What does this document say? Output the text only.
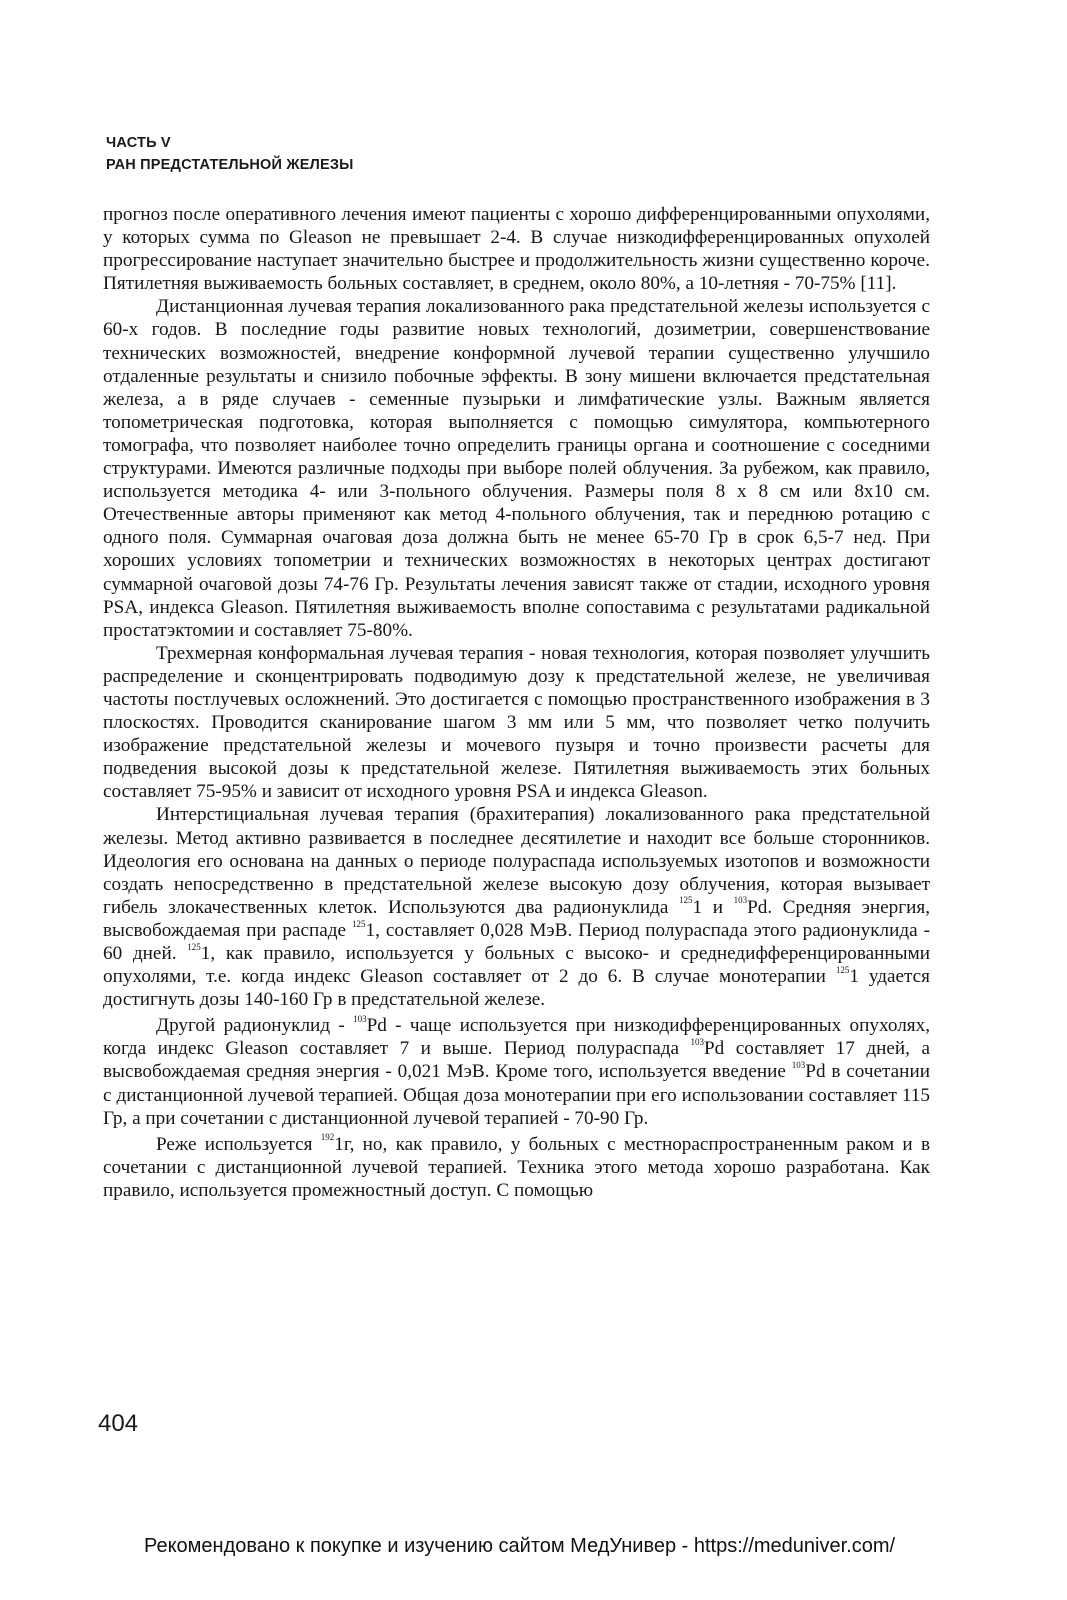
ЧАСТЬ V
РАН ПРЕДСТАТЕЛЬНОЙ ЖЕЛЕЗЫ

прогноз после оперативного лечения имеют пациенты с хорошо дифференцированными опухолями, у которых сумма по Gleason не превышает 2-4. В случае низкодифференцированных опухолей прогрессирование наступает значительно быстрее и продолжительность жизни существенно короче. Пятилетняя выживаемость больных составляет, в среднем, около 80%, а 10-летняя - 70-75% [11].

Дистанционная лучевая терапия локализованного рака предстательной железы используется с 60-х годов. В последние годы развитие новых технологий, дозиметрии, совершенствование технических возможностей, внедрение конформной лучевой терапии существенно улучшило отдаленные результаты и снизило побочные эффекты. В зону мишени включается предстательная железа, а в ряде случаев - семенные пузырьки и лимфатические узлы. Важным является топометрическая подготовка, которая выполняется с помощью симулятора, компьютерного томографа, что позволяет наиболее точно определить границы органа и соотношение с соседними структурами. Имеются различные подходы при выборе полей облучения. За рубежом, как правило, используется методика 4- или 3-польного облучения. Размеры поля 8 x 8 см или 8x10 см. Отечественные авторы применяют как метод 4-польного облучения, так и переднюю ротацию с одного поля. Суммарная очаговая доза должна быть не менее 65-70 Гр в срок 6,5-7 нед. При хороших условиях топометрии и технических возможностях в некоторых центрах достигают суммарной очаговой дозы 74-76 Гр. Результаты лечения зависят также от стадии, исходного уровня PSA, индекса Gleason. Пятилетняя выживаемость вполне сопоставима с результатами радикальной простатэктомии и составляет 75-80%.

Трехмерная конформальная лучевая терапия - новая технология, которая позволяет улучшить распределение и сконцентрировать подводимую дозу к предстательной железе, не увеличивая частоты постлучевых осложнений. Это достигается с помощью пространственного изображения в 3 плоскостях. Проводится сканирование шагом 3 мм или 5 мм, что позволяет четко получить изображение предстательной железы и мочевого пузыря и точно произвести расчеты для подведения высокой дозы к предстательной железе. Пятилетняя выживаемость этих больных составляет 75-95% и зависит от исходного уровня PSA и индекса Gleason.

Интерстициальная лучевая терапия (брахитерапия) локализованного рака предстательной железы. Метод активно развивается в последнее десятилетие и находит все больше сторонников. Идеология его основана на данных о периоде полураспада используемых изотопов и возможности создать непосредственно в предстательной железе высокую дозу облучения, которая вызывает гибель злокачественных клеток. Используются два радионуклида $^{125}$1 и $^{103}$Pd. Средняя энергия, высвобождаемая при распаде $^{125}$1, составляет 0,028 МэВ. Период полураспада этого радионуклида - 60 дней. $^{125}$1, как правило, используется у больных с высоко- и среднедифференцированными опухолями, т.е. когда индекс Gleason составляет от 2 до 6. В случае монотерапии $^{125}$1 удается достигнуть дозы 140-160 Гр в предстательной железе.

Другой радионуклид - $^{103}$Pd - чаще используется при низкодифференцированных опухолях, когда индекс Gleason составляет 7 и выше. Период полураспада $^{103}$Pd составляет 17 дней, а высвобождаемая средняя энергия - 0,021 МэВ. Кроме того, используется введение $^{103}$Pd в сочетании с дистанционной лучевой терапией. Общая доза монотерапии при его использовании составляет 115 Гр, а при сочетании с дистанционной лучевой терапией - 70-90 Гр.

Реже используется $^{192}$1г, но, как правило, у больных с местнораспространенным раком и в сочетании с дистанционной лучевой терапией. Техника этого метода хорошо разработана. Как правило, используется промежностный доступ. С помощью

404
Рекомендовано к покупке и изучению сайтом МедУнивер - https://meduniver.com/
